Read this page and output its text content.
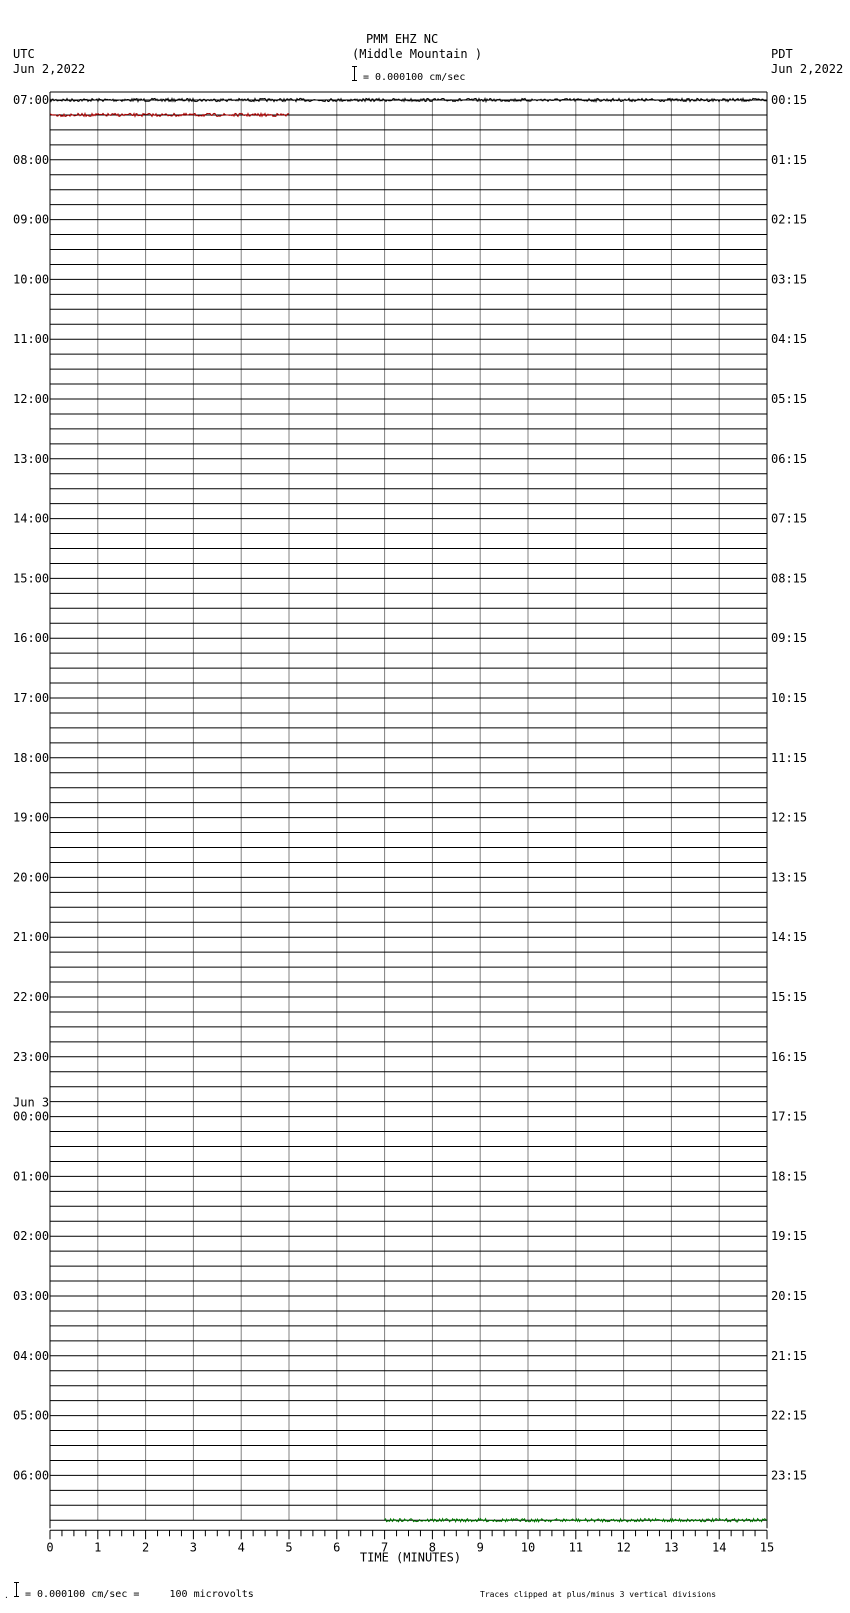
PMM EHZ NC
(Middle Mountain )
UTC
Jun 2,2022
PDT
Jun 2,2022
= 0.000100 cm/sec
0	1	2	3	4	5	6	7	8	9	10	11	12	13	14	15
TIME (MINUTES)
07:00
08:00
09:00
10:00
11:00
12:00
13:00
14:00
15:00
16:00
17:00
18:00
19:00
20:00
21:00
22:00
23:00
00:00
Jun 3
01:00
02:00
03:00
04:00
05:00
06:00
00:15
01:15
02:15
03:15
04:15
05:15
06:15
07:15
08:15
09:15
10:15
11:15
12:15
13:15
14:15
15:15
16:15
17:15
18:15
19:15
20:15
21:15
22:15
23:15
. = 0.000100 cm/sec =     100 microvolts	Traces clipped at plus/minus 3 vertical divisions
